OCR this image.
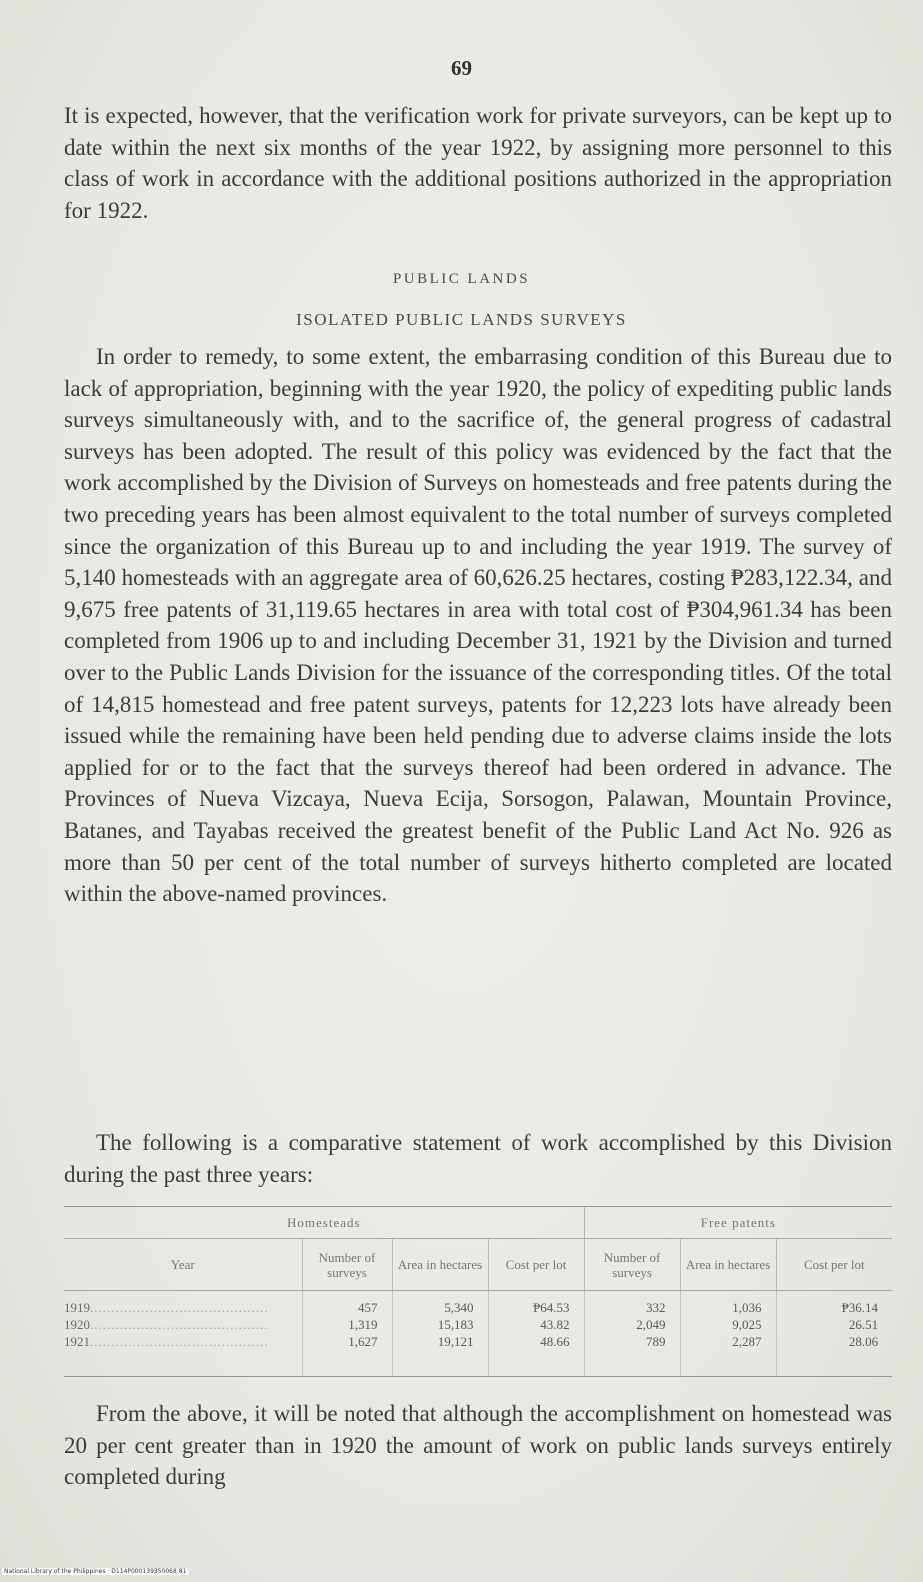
69

It is expected, however, that the verification work for private surveyors, can be kept up to date within the next six months of the year 1922, by assigning more personnel to this class of work in accordance with the additional positions authorized in the appropriation for 1922.

PUBLIC LANDS
ISOLATED PUBLIC LANDS SURVEYS

In order to remedy, to some extent, the embarrasing condition of this Bureau due to lack of appropriation, beginning with the year 1920, the policy of expediting public lands surveys simultaneously with, and to the sacrifice of, the general progress of cadastral surveys has been adopted. The result of this policy was evidenced by the fact that the work accomplished by the Division of Surveys on homesteads and free patents during the two preceding years has been almost equivalent to the total number of surveys completed since the organization of this Bureau up to and including the year 1919. The survey of 5,140 homesteads with an aggregate area of 60,626.25 hectares, costing ₱283,122.34, and 9,675 free patents of 31,119.65 hectares in area with total cost of ₱304,961.34 has been completed from 1906 up to and including December 31, 1921 by the Division and turned over to the Public Lands Division for the issuance of the corresponding titles. Of the total of 14,815 homestead and free patent surveys, patents for 12,223 lots have already been issued while the remaining have been held pending due to adverse claims inside the lots applied for or to the fact that the surveys thereof had been ordered in advance. The Provinces of Nueva Vizcaya, Nueva Ecija, Sorsogon, Palawan, Mountain Province, Batanes, and Tayabas received the greatest benefit of the Public Land Act No. 926 as more than 50 per cent of the total number of surveys hitherto completed are located within the above-named provinces.

The following is a comparative statement of work accomplished by this Division during the past three years:

Homesteads				Free patents		
Year	Number of surveys	Area in hectares	Cost per lot	Number of surveys	Area in hectares	Cost per lot
1919..........................................	457	5,340	₱64.53	332	1,036	₱36.14
1920..........................................	1,319	15,183	43.82	2,049	9,025	26.51
1921..........................................	1,627	19,121	48.66	789	2,287	28.06

From the above, it will be noted that although the accomplishment on homestead was 20 per cent greater than in 1920 the amount of work on public lands surveys entirely completed during

National Library of the Philippines · D114P000139350068 81
